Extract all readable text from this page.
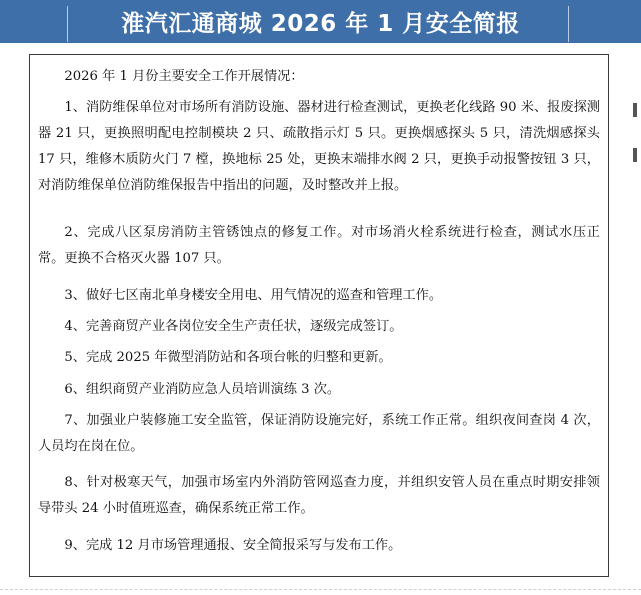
淮汽汇通商城 2026 年 1 月安全简报
2026 年 1 月份主要安全工作开展情况：
1、消防维保单位对市场所有消防设施、器材进行检查测试，更换老化线路 90 米、报废探测器 21 只，更换照明配电控制模块 2 只、疏散指示灯 5 只。更换烟感探头 5 只，清洗烟感探头 17 只，维修木质防火门 7 樘，换地标 25 处，更换末端排水阀 2 只，更换手动报警按钮 3 只，对消防维保单位消防维保报告中指出的问题，及时整改并上报。
2、完成八区泵房消防主管锈蚀点的修复工作。对市场消火栓系统进行检查，测试水压正常。更换不合格灭火器 107 只。
3、做好七区南北单身楼安全用电、用气情况的巡查和管理工作。
4、完善商贸产业各岗位安全生产责任状，逐级完成签订。
5、完成 2025 年微型消防站和各项台帐的归整和更新。
6、组织商贸产业消防应急人员培训演练 3 次。
7、加强业户装修施工安全监管，保证消防设施完好，系统工作正常。组织夜间查岗 4 次，人员均在岗在位。
8、针对极寒天气，加强市场室内外消防管网巡查力度，并组织安管人员在重点时期安排领导带头 24 小时值班巡查，确保系统正常工作。
9、完成 12 月市场管理通报、安全简报采写与发布工作。
